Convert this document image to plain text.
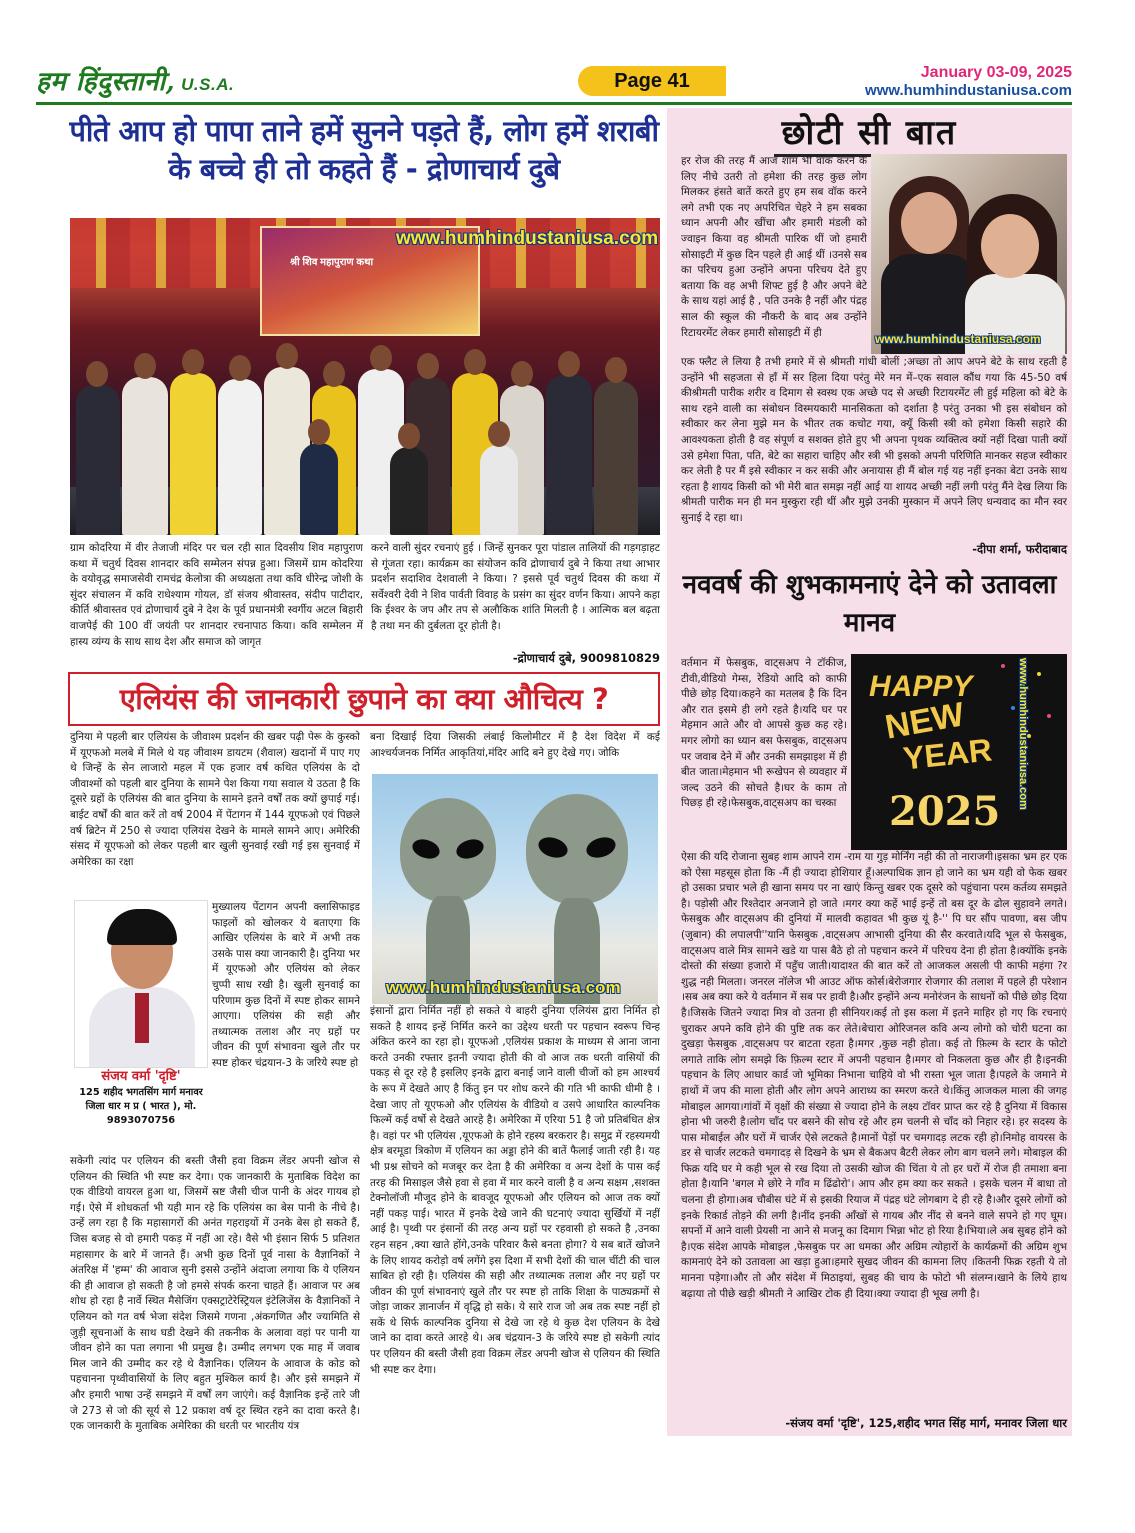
हम हिंदुस्तानी, U.S.A.	Page 41	January 03-09, 2025
www.humhindustaniusa.com
पीते आप हो पापा ताने हमें सुनने पड़ते हैं, लोग हमें शराबी के बच्चे ही तो कहते हैं - द्रोणाचार्य दुबे
www.humhindustaniusa.com
श्री शिव महापुराण कथा
ग्राम कोदरिया में वीर तेजाजी मंदिर पर चल रही सात दिवसीय शिव महापुराण कथा में चतुर्थ दिवस शानदार कवि सम्मेलन संपन्न हुआ। जिसमें ग्राम कोदरिया के वयोवृद्ध समाजसेवी रामचंद्र केलोत्रा की अध्यक्षता तथा कवि धीरेन्द्र जोशी के सुंदर संचालन में कवि राधेश्याम गोयल, डॉ संजय श्रीवास्तव, संदीप पाटीदार, कीर्ति श्रीवास्तव एवं द्रोणाचार्य दुबे ने देश के पूर्व प्रधानमंत्री स्वर्गीय अटल बिहारी वाजपेई की 100 वीं जयंती पर शानदार रचनापाठ किया। कवि सम्मेलन में हास्य व्यंग्य के साथ साथ देश और समाज को जागृत
करने वाली सुंदर रचनाएं हुई । जिन्हें सुनकर पूरा पांडाल तालियों की गड़गड़ाहट से गूंजता रहा। कार्यक्रम का संयोजन कवि द्रोणाचार्य दुबे ने किया तथा आभार प्रदर्शन सदाशिव देशवाली ने किया। ? इससे पूर्व चतुर्थ दिवस की कथा में सर्वेश्वरी देवी ने शिव पार्वती विवाह के प्रसंग का सुंदर वर्णन किया। आपने कहा कि ईश्वर के जप और तप से अलौकिक शांति मिलती है । आत्मिक बल बढ़ता है तथा मन की दुर्बलता दूर होती है।
-द्रोणाचार्य दुबे, 9009810829
एलियंस की जानकारी छुपाने का क्या औचित्य ?
दुनिया मे पहली बार एलियंस के जीवाश्म प्रदर्शन की खबर पढ़ी पेरू के कुस्को में यूएफओ मलबे में मिले थे यह जीवाश्म डायटम (शैवाल) खदानों में पाए गए थे जिन्हें के सेन लाजारो महल में एक हजार वर्ष कथित एलियंस के दो जीवाश्मों को पहली बार दुनिया के सामने पेश किया गया सवाल ये उठता है कि दूसरे ग्रहों के एलियंस की बात दुनिया के सामने इतने वर्षों तक क्यों छुपाई गई। बाईट वर्षों की बात करें तो वर्ष 2004 में पेंटागन में 144 यूएफओ एवं पिछले वर्ष ब्रिटेन में 250 से ज्यादा एलियंस देखने के मामले सामने आए। अमेरिकी संसद में यूएफओ को लेकर पहली बार खुली सुनवाई रखी गई इस सुनवाई में अमेरिका का रक्षा
बना दिखाई दिया जिसकी लंबाई किलोमीटर में है देश विदेश में कई आश्चर्यजनक निर्मित आकृतियां,मंदिर आदि बने हुए देखे गए। जोकि
www.humhindustaniusa.com
इंसानों द्वारा निर्मित नहीं हो सकते ये बाहरी दुनिया एलियंस द्वारा निर्मित हो सकते है शायद इन्हें निर्मित करने का उद्देश्य धरती पर पहचान स्वरूप चिन्ह अंकित करने का रहा हो। यूएफओ ,एलियंस प्रकाश के माध्यम से आना जाना करते उनकी रफ्तार इतनी ज्यादा होती की वो आज तक धरती वासियों की पकड़ से दूर रहे है इसलिए इनके द्वारा बनाई जाने वाली चीजों को हम आश्चर्य के रूप में देखते आए है किंतु इन पर शोध करने की गति भी काफी धीमी है । देखा जाए तो यूएफओ और एलियंस के वीडियो व उसपे आधारित काल्पनिक फिल्में कई वर्षो से देखते आरहे है। अमेरिका में एरिया 51 है जो प्रतिबंधित क्षेत्र है। वहां पर भी एलियंस ,यूएफओ के होने रहस्य बरकरार है। समुद्र में रहस्यमयी क्षेत्र बरमूडा त्रिकोण में एलियन का अड्डा होने की बातें फैलाई जाती रही है। यह भी प्रश्न सोचने को मजबूर कर देता है की अमेरिका व अन्य देशों के पास कई तरह की मिसाइल जैसे हवा से हवा में मार करने वाली है व अन्य सक्षम ,सशक्त टेक्नोलॉजी मौजूद होने के बावजूद यूएफओ और एलियन को आज तक क्यों नहीं पकड़ पाई। भारत में इनके देखे जाने की घटनाएं ज्यादा सुर्खियों में नहीं आई है। पृथ्वी पर इंसानों की तरह अन्य ग्रहों पर रहवासी हो सकते है ,उनका रहन सहन ,क्या खाते होंगे,उनके परिवार कैसे बनता होगा? ये सब बातें खोजने के लिए शायद करोड़ो वर्ष लगेंगे इस दिशा में सभी देशों की चाल चींटी की चाल साबित हो रही है। एलियंस की सही और तथ्यात्मक तलाश और नए ग्रहों पर जीवन की पूर्ण संभावनाएं खुले तौर पर स्पष्ट हो ताकि शिक्षा के पाठ्यक्रमों से जोड़ा जाकर ज्ञानार्जन में वृद्धि हो सके। ये सारे राज जो अब तक स्पष्ट नहीं हो सकें थे सिर्फ काल्पनिक दुनिया से देखे जा रहे थे कुछ देश एलियन के देखे जाने का दावा करते आरहे थे। अब चंद्रयान-3 के जरिये स्पष्ट हो सकेगी त्यांद पर एलियन की बस्ती जैसी हवा विक्रम लेंडर अपनी खोज से एलियन की स्थिति भी स्पष्ट कर देगा।
मुख्यालय पेंटागन अपनी क्लासिफाइड फाइलों को खोलकर ये बताएगा कि आखिर एलियंस के बारे में अभी तक उसके पास क्या जानकारी है। दुनिया भर में यूएफओ और एलियंस को लेकर चुप्पी साध रखी है। खुली सुनवाई का परिणाम कुछ दिनों में स्पष्ट होकर सामने आएगा। एलियंस की सही और तथ्यात्मक तलाश और नए ग्रहों पर जीवन की पूर्ण संभावना खुले तौर पर स्पष्ट होकर चंद्रयान-3 के जरिये स्पष्ट हो
संजय वर्मा 'दृष्टि'
125 शहीद भगतसिंग मार्ग मनावर जिला धार म प्र ( भारत ), मो. 9893070756
सकेगी त्यांद पर एलियन की बस्ती जैसी हवा विक्रम लेंडर अपनी खोज से एलियन की स्थिति भी स्पष्ट कर देगा। एक जानकारी के मुताबिक विदेश का एक वीडियो वायरल हुआ था, जिसमें स्रष्ट जैसी चीज पानी के अंदर गायब हो गई। ऐसे में शोधकर्ता भी यही मान रहे कि एलियंस का बेस पानी के नीचे है। उन्हें लग रहा है कि महासागरों की अनंत गहराइयों में उनके बेस हो सकते हैं, जिस बजह से वो हमारी पकड़ में नहीं आ रहे। वैसे भी इंसान सिर्फ 5 प्रतिशत महासागर के बारे में जानते हैं। अभी कुछ दिनों पूर्व नासा के वैज्ञानिकों ने अंतरिक्ष में 'हम्म' की आवाज सुनी इससे उन्होंने अंदाजा लगाया कि ये एलियन की ही आवाज हो सकती है जो हमसे संपर्क करना चाहते हैं। आवाज पर अब शोध हो रहा है नार्वे स्थित मैसेजिंग एक्सट्राटेरेस्ट्रियल इंटेलिजेंस के वैज्ञानिकों ने एलियन को गत वर्ष भेजा संदेश जिसमे गणना ,अंकगणित और ज्यामिति से जुड़ी सूचनाओं के साथ घडी देखने की तकनीक के अलावा वहां पर पानी या जीवन होने का पता लगाना भी प्रमुख है। उम्मीद लगभग एक माह में जवाब मिल जाने की उम्मीद कर रहे थे वैज्ञानिक। एलियन के आवाज के कोड को पहचानना पृथ्वीवासियों के लिए बहुत मुश्किल कार्य है। और इसे समझने में और हमारी भाषा उन्हें समझने में वर्षों लग जाएंगे। कई वैज्ञानिक इन्हें तारे जी जे 273 से जो की सूर्य से 12 प्रकाश वर्ष दूर स्थित रहने का दावा करते है। एक जानकारी के मुताबिक अमेरिका की धरती पर भारतीय यंत्र
छोटी सी बात
हर रोज की तरह मैं आज शाम भी वॉक करने के लिए नीचे उतरी तो हमेशा की तरह कुछ लोग मिलकर हंसते बातें करते हुए हम सब वॉक करने लगे तभी एक नए अपरिचित चेहरे ने हम सबका ध्यान अपनी और खींचा और हमारी मंडली को ज्वाइन किया वह श्रीमती पारिक थीं जो हमारी सोसाइटी में कुछ दिन पहले ही आई थीं ।उनसे सब का परिचय हुआ उन्होंने अपना परिचय देते हुए बताया कि वह अभी शिफ्ट हुई है और अपने बेटे के साथ यहां आई है , पति उनके है नहीं और पंद्रह साल की स्कूल की नौकरी के बाद अब उन्होंने रिटायरमेंट लेकर हमारी सोसाइटी में ही	www.humhindustaniusa.com
एक फ्लैट ले लिया है तभी हमारे में से श्रीमती गांधी बोलीं ;अच्छा तो आप अपने बेटे के साथ रहती है उन्होंने भी सहजता से हाँ में सर हिला दिया परंतु मेरे मन में–एक सवाल कौंध गया कि 45-50 वर्ष कीश्रीमती पारीक शरीर व दिमाग से स्वस्थ एक अच्छे पद से अच्छी रिटायरमेंट ली हुई महिला को बेटे के साथ रहने वाली का संबोधन विस्मयकारी मानसिकता को दर्शाता है परंतु उनका भी इस संबोधन को स्वीकार कर लेना मुझे मन के भीतर तक कचोट गया, क्यूँ किसी स्त्री को हमेशा किसी सहारे की आवश्यकता होती है वह संपूर्ण व सशक्त होते हुए भी अपना पृथक व्यक्तित्व क्यों नहीं दिखा पाती क्यों उसे हमेशा पिता, पति, बेटे का सहारा चाहिए और स्त्री भी इसको अपनी परिणिति मानकर सहज स्वीकार कर लेती है पर मैं इसे स्वीकार न कर सकी और अनायास ही मैं बोल गई यह नहीं इनका बेटा उनके साथ रहता है शायद किसी को भी मेरी बात समझ नहीं आई या शायद अच्छी नहीं लगी परंतु मैंने देख लिया कि श्रीमती पारीक मन ही मन मुस्कुरा रही थीं और मुझे उनकी मुस्कान में अपने लिए धन्यवाद का मौन स्वर सुनाई दे रहा था।
-दीपा शर्मा, फरीदाबाद
नववर्ष की शुभकामनाएं देने को उतावला मानव
वर्तमान में फेसबुक, वाट्सअप ने टॉकीज, टीवी,वीडियो गेम्स, रेडियो आदि को काफी पीछे छोड़ दिया।कहने का मतलब है कि दिन और रात इसमे ही लगे रहते है।यदि घर पर मेहमान आते और वो आपसे कुछ कह रहे।मगर लोगो का ध्यान बस फेसबुक, वाट्सअप पर जवाब देने में और उनकी समझाइश में ही बीत जाता।मेहमान भी रूखेपन से व्यवहार में जल्द उठने की सोचते है।घर के काम तो पिछड़ ही रहे।फेसबुक,वाट्सअप का चस्का
HAPPY
NEW
YEAR
2025
www.humhindustaniusa.com
ऐसा की यदि रोजाना सुबह शाम आपने राम -राम या गुड़ मोर्निंग नही की तो नाराजगी।इसका भ्रम हर एक को ऐसा महसूस होता कि -मैं ही ज्यादा होशियार हूँ।अल्पाधिक ज्ञान हो जाने का भ्रम यही वो फेक खबर हो उसका प्रचार भले ही खाना समय पर ना खाएं किन्तु खबर एक दूसरे को पहुंचाना परम कर्तव्य समझते है। पड़ोसी और रिश्तेदार अनजाने हो जाते ।मगर क्या कहें भाई इन्हें तो बस दूर के ढोल सुहावने लगते।फेसबुक और वाट्सअप की दुनियां में मालवी कहावत भी कुछ यूं है-'' पि घर सौंप पावणा, बस जीप (जुबान) की लपालपी''यानि फेसबुक ,वाट्सअप आभासी दुनिया की सैर करवाते।यदि भूल से फेसबुक, वाट्सअप वाले मित्र सामने खडे या पास बैठे हो तो पहचान करने में परिचय देना ही होता है।क्योंकि इनके दोस्तो की संख्या हजारो में पहुँच जाती।यादाश्त की बात करें तो आजकल असली पी काफी महंगा ?र शुद्ध नही मिलता। जनरल नॉलेज भी आउट ऑफ कोर्स।बेरोजगार रोजगार की तलाश में पहले ही परेशान ।सब अब क्या करे ये वर्तमान में सब पर हावी है।और इन्होंने अन्य मनोरंजन के साधनों को पीछे छोड़ दिया है।जिसके जितने ज्यादा मित्र वो उतना ही सीनियर।कई तो इस कला में इतने माहिर हो गए कि रचनाएं चुराकर अपने कवि होने की पुष्टि तक कर लेते।बेचारा ओरिजनल कवि अन्य लोगो को चोरी घटना का दुखड़ा फेसबुक ,वाट्सअप पर बाटता रहता है।मगर ,कुछ नही होता। कई तो फ़िल्म के स्टार के फोटो लगाते ताकि लोग समझे कि फ़िल्म स्टार में अपनी पहचान है।मगर वो निकलता कुछ और ही है।इनकी पहचान के लिए आधार कार्ड जो भूमिका निभाना चाहिये वो भी रास्ता भूल जाता है।पहले के जमाने मे हाथों में जप की माला होती और लोग अपने आराध्य का स्मरण करते थे।किंतु आजकल माला की जगह मोबाइल आगया।गांवों में वृक्षों की संख्या से ज्यादा होने के लक्ष्य टॉवर प्राप्त कर रहे है दुनिया में विकास होना भी जरुरी है।लोग चाँद पर बसने की सोच रहे और हम चलनी से चाँद को निहार रहे। हर सदस्य के पास मोबाईल और घरों में चार्जर ऐसे लटकते है।मानों पेड़ों पर चमगादड़ लटक रही हो।निमोह वायरस के डर से चार्जर लटकते चमगादड़ से दिखने के भ्रम से बैकअप बैटरी लेकर लोग बाग चलने लगे। मोबाइल की फिक्र यदि घर मे कही भूल से रख दिया तो उसकी खोज की चिंता ये तो हर घरों में रोज ही तमाशा बना होता है।यानि 'बगल मे छोरे ने गाँव म ढिंढोरो'। आप और हम क्या कर सकते । इसके चलन में बाधा तो चलना ही होगा।अब चौबीस घंटे में से इसकी रियाज में पंद्रह घंटे लोगबाग दे ही रहे है।और दूसरे लोगों को इनके रिकार्ड तोड़ने की लगी है।नींद इनकी आँखों से गायब और नींद से बनने वाले सपने हो गए घूम।सपनों में आने वाली प्रेयसी ना आने से मजनू का दिमाग भिन्ना भोट हो रिया है।भिया।ले अब सुबह होने को है।एक संदेश आपके मोबाइल ,फेसबुक पर आ धमका और अग्रिम त्योहारों के कार्यक्रमों की अग्रिम शुभ कामनाएं देने को उतावला आ खड़ा हुआ।हमारे सुखद जीवन की कामना लिए ।कितनी फिक्र रहती ये तो मानना पड़ेगा।और तो और संदेश में मिठाइयां, सुबह की चाय के फोटो भी संलग्न।खाने के लिये हाथ बढ़ाया तो पीछे खड़ी श्रीमती ने आखिर टोक ही दिया।क्या ज्यादा ही भूख लगी है।
-संजय वर्मा 'दृष्टि', 125,शहीद भगत सिंह मार्ग, मनावर जिला धार
